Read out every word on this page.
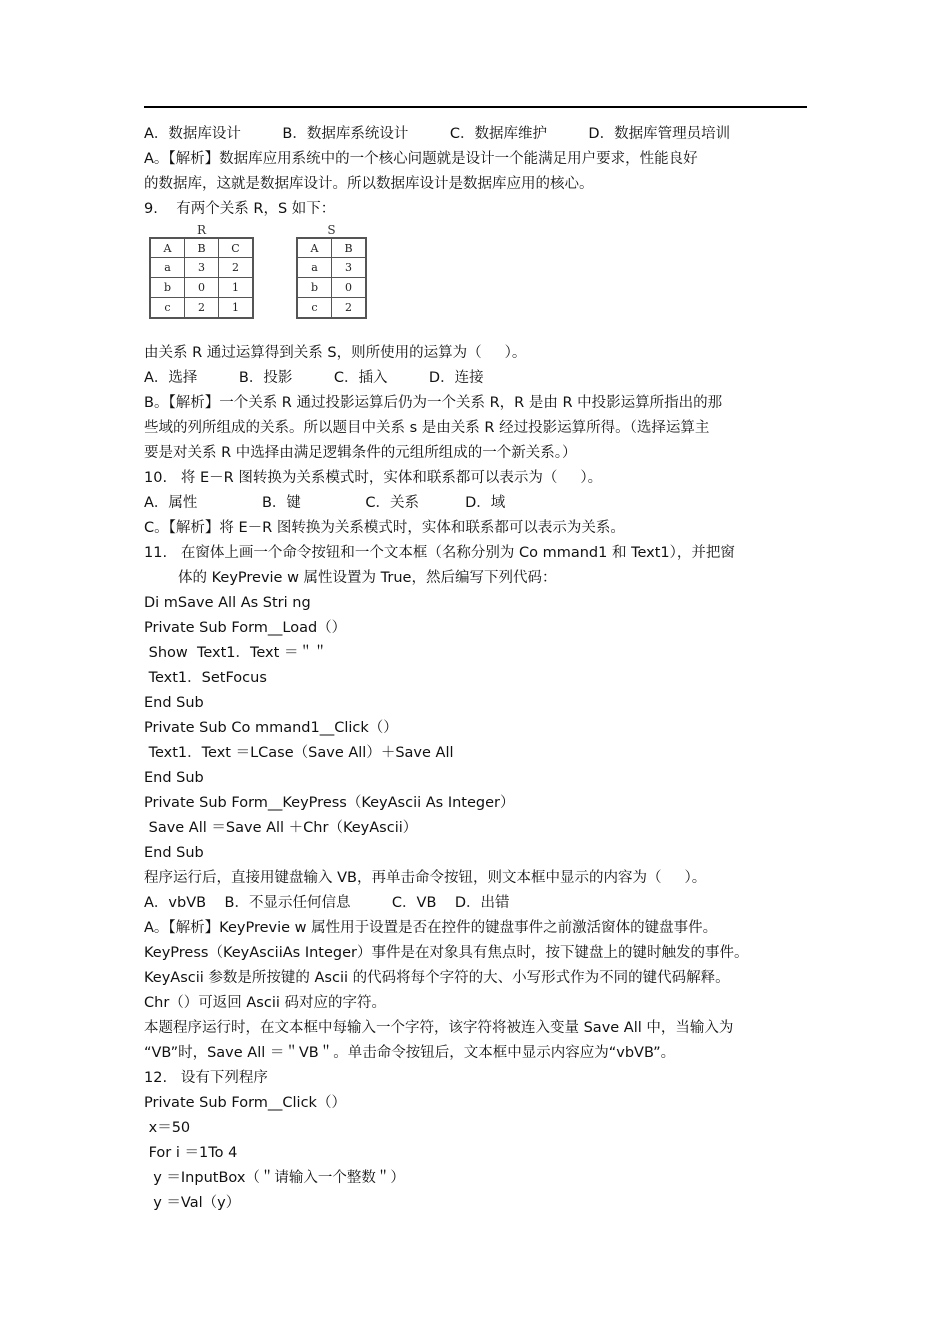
A．数据库设计         B．数据库系统设计         C．数据库维护         D．数据库管理员培训
A。【解析】数据库应用系统中的一个核心问题就是设计一个能满足用户要求，性能良好
的数据库，这就是数据库设计。所以数据库设计是数据库应用的核心。
9.    有两个关系 R，S 如下：
R
A	B	C
a	3	2
b	0	1
c	2	1
S
A	B
a	3
b	0
c	2
由关系 R 通过运算得到关系 S，则所使用的运算为（     ）。
A．选择         B．投影         C．插入         D．连接
B。【解析】一个关系 R 通过投影运算后仍为一个关系 R，R 是由 R 中投影运算所指出的那
些域的列所组成的关系。所以题目中关系 s 是由关系 R 经过投影运算所得。（选择运算主
要是对关系 R 中选择由满足逻辑条件的元组所组成的一个新关系。）
10.   将 E－R 图转换为关系模式时，实体和联系都可以表示为（     ）。
A．属性              B．键              C．关系          D．域
C。【解析】将 E－R 图转换为关系模式时，实体和联系都可以表示为关系。
11.   在窗体上画一个命令按钮和一个文本框（名称分别为 Co mmand1 和 Text1），并把窗
体的 KeyPrevie w 属性设置为 True，然后编写下列代码：
Di mSave All As Stri ng
Private Sub Form__Load（）
Show  Text1．Text ＝＂＂
Text1．SetFocus
End Sub
Private Sub Co mmand1__Click（）
Text1．Text ＝LCase（Save All）＋Save All
End Sub
Private Sub Form__KeyPress（KeyAscii As Integer）
Save All ＝Save All ＋Chr（KeyAscii）
End Sub
程序运行后，直接用键盘输入 VB，再单击命令按钮，则文本框中显示的内容为（     ）。
A．vbVB    B．不显示任何信息         C．VB    D．出错
A。【解析】KeyPrevie w 属性用于设置是否在控件的键盘事件之前激活窗体的键盘事件。
KeyPress（KeyAsciiAs Integer）事件是在对象具有焦点时，按下键盘上的键时触发的事件。
KeyAscii 参数是所按键的 Ascii 的代码将每个字符的大、小写形式作为不同的键代码解释。
Chr（）可返回 Ascii 码对应的字符。
本题程序运行时，在文本框中每输入一个字符，该字符将被连入变量 Save All 中，当输入为
“VB”时，Save All ＝＂VB＂。单击命令按钮后，文本框中显示内容应为“vbVB”。
12.   设有下列程序
Private Sub Form__Click（）
x＝50
For i ＝1To 4
y ＝InputBox（＂请输入一个整数＂）
y ＝Val（y）
